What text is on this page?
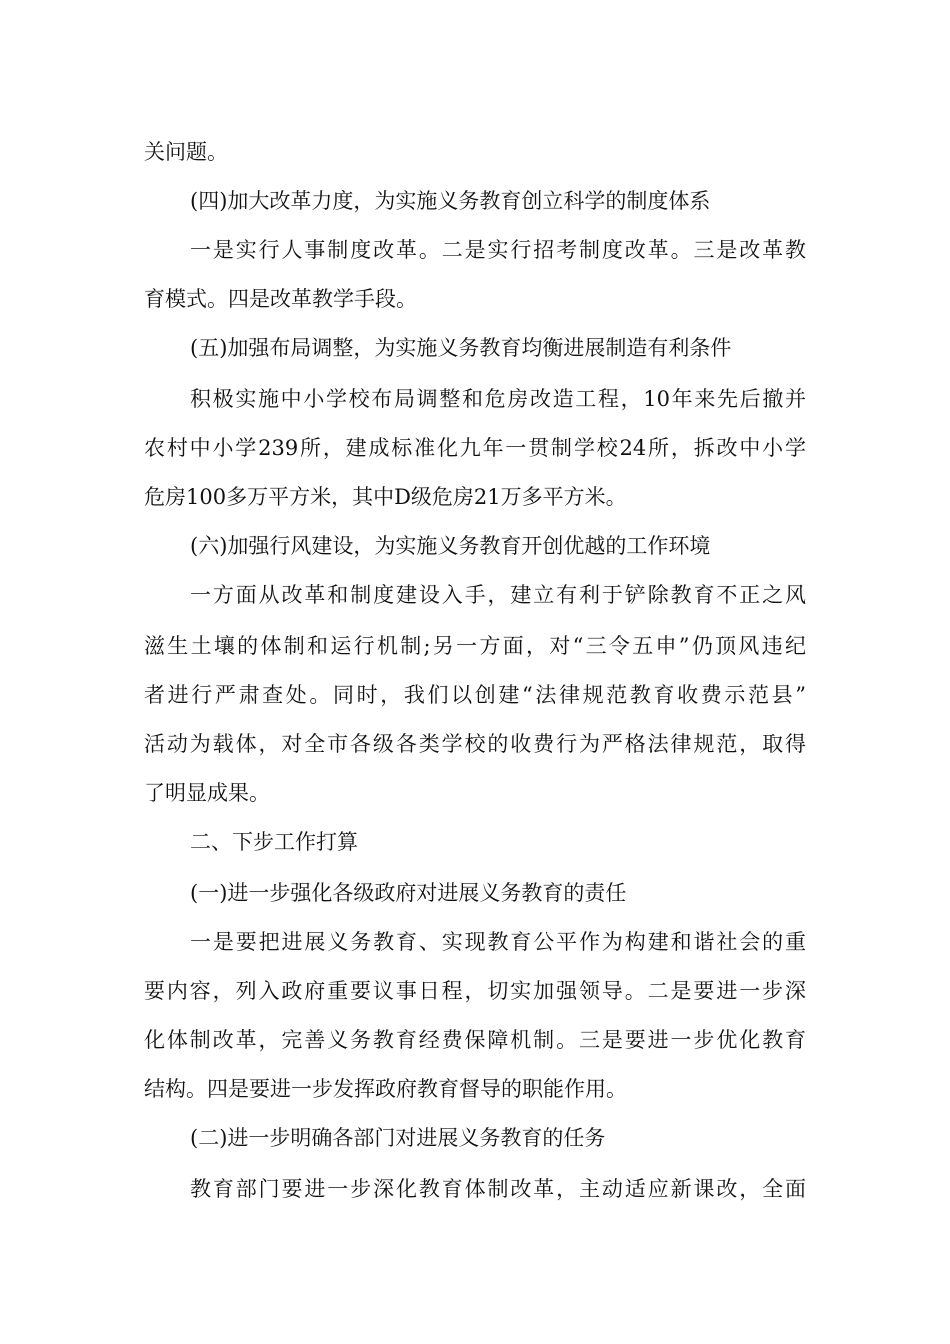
关问题。
(四)加大改革力度，为实施义务教育创立科学的制度体系
一是实行人事制度改革。二是实行招考制度改革。三是改革教
育模式。四是改革教学手段。
(五)加强布局调整，为实施义务教育均衡进展制造有利条件
积极实施中小学校布局调整和危房改造工程，10年来先后撤并
农村中小学239所，建成标准化九年一贯制学校24所，拆改中小学
危房100多万平方米，其中D级危房21万多平方米。
(六)加强行风建设，为实施义务教育开创优越的工作环境
一方面从改革和制度建设入手，建立有利于铲除教育不正之风
滋生土壤的体制和运行机制;另一方面，对“三令五申”仍顶风违纪
者进行严肃查处。同时，我们以创建“法律规范教育收费示范县”
活动为载体，对全市各级各类学校的收费行为严格法律规范，取得
了明显成果。
二、下步工作打算
(一)进一步强化各级政府对进展义务教育的责任
一是要把进展义务教育、实现教育公平作为构建和谐社会的重
要内容，列入政府重要议事日程，切实加强领导。二是要进一步深
化体制改革，完善义务教育经费保障机制。三是要进一步优化教育
结构。四是要进一步发挥政府教育督导的职能作用。
(二)进一步明确各部门对进展义务教育的任务
教育部门要进一步深化教育体制改革，主动适应新课改，全面
